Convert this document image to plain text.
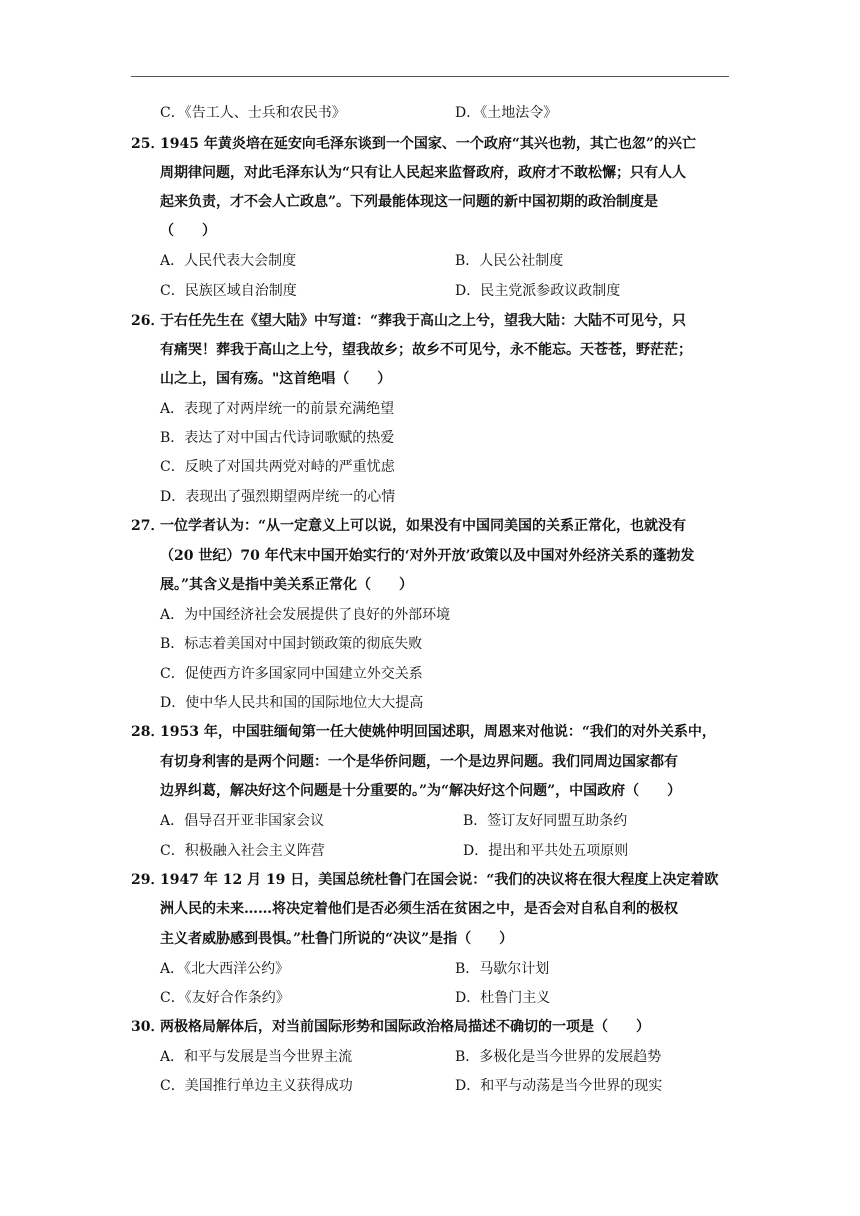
C．《告工人、士兵和农民书》	D．《土地法令》
25．
1945 年黄炎培在延安向毛泽东谈到一个国家、一个政府“其兴也勃，其亡也忽”的兴亡
周期律问题，对此毛泽东认为“只有让人民起来监督政府，政府才不敢松懈；只有人人
起来负责，才不会人亡政息”。下列最能体现这一问题的新中国初期的政治制度是
（　　）
A．人民代表大会制度	B．人民公社制度
C．民族区域自治制度	D．民主党派参政议政制度
26．
于右任先生在《望大陆》中写道：“葬我于高山之上兮，望我大陆：大陆不可见兮，只
有痛哭！葬我于高山之上兮，望我故乡；故乡不可见兮，永不能忘。天苍苍，野茫茫；
山之上，国有殇。"这首绝唱（　　）
A．表现了对两岸统一的前景充满绝望
B．表达了对中国古代诗词歌赋的热爱
C．反映了对国共两党对峙的严重忧虑
D．表现出了强烈期望两岸统一的心情
27．
一位学者认为：“从一定意义上可以说，如果没有中国同美国的关系正常化，也就没有
（20 世纪）70 年代末中国开始实行的‘对外开放’政策以及中国对外经济关系的蓬勃发
展。”其含义是指中美关系正常化（　　）
A．为中国经济社会发展提供了良好的外部环境
B．标志着美国对中国封锁政策的彻底失败
C．促使西方许多国家同中国建立外交关系
D．使中华人民共和国的国际地位大大提高
28．
1953 年，中国驻缅甸第一任大使姚仲明回国述职，周恩来对他说：“我们的对外关系中，
有切身利害的是两个问题：一个是华侨问题，一个是边界问题。我们同周边国家都有
边界纠葛，解决好这个问题是十分重要的。”为“解决好这个问题”，中国政府（　　）
A．倡导召开亚非国家会议	B．签订友好同盟互助条约
C．积极融入社会主义阵营	D．提出和平共处五项原则
29．
1947 年 12 月 19 日，美国总统杜鲁门在国会说：“我们的决议将在很大程度上决定着欧
洲人民的未来……将决定着他们是否必须生活在贫困之中，是否会对自私自利的极权
主义者威胁感到畏惧。”杜鲁门所说的“决议”是指（　　）
A．《北大西洋公约》	B．马歇尔计划
C．《友好合作条约》	D．杜鲁门主义
30．
两极格局解体后，对当前国际形势和国际政治格局描述不确切的一项是（　　）
A．和平与发展是当今世界主流	B．多极化是当今世界的发展趋势
C．美国推行单边主义获得成功	D．和平与动荡是当今世界的现实
